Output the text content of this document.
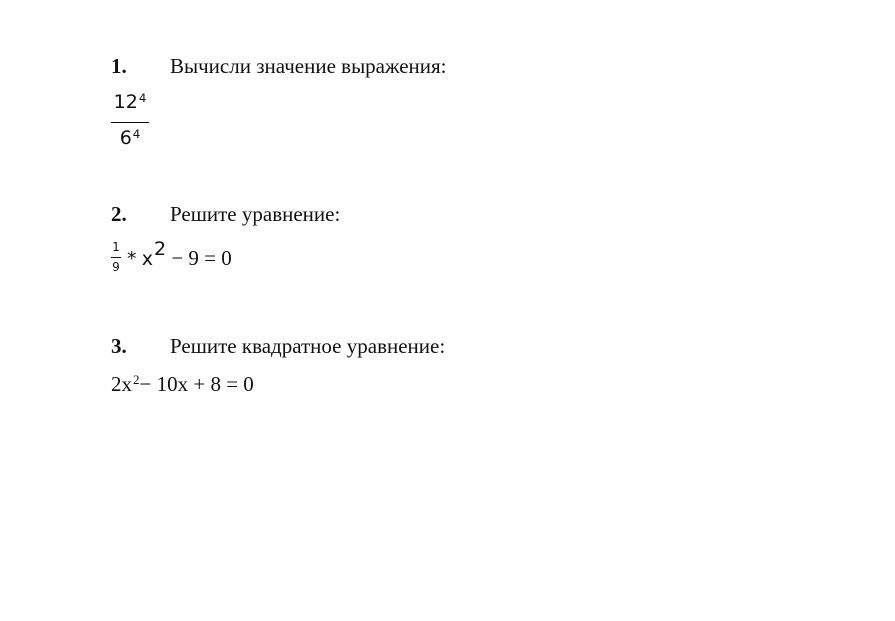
1. Вычисли значение выражения:
$12^4$
$6^4$
2. Решите уравнение:
1
$9 * x^2 - 9 = 0$
3. Решите квадратное уравнение:
$2x^2- 10x + 8 = 0$
